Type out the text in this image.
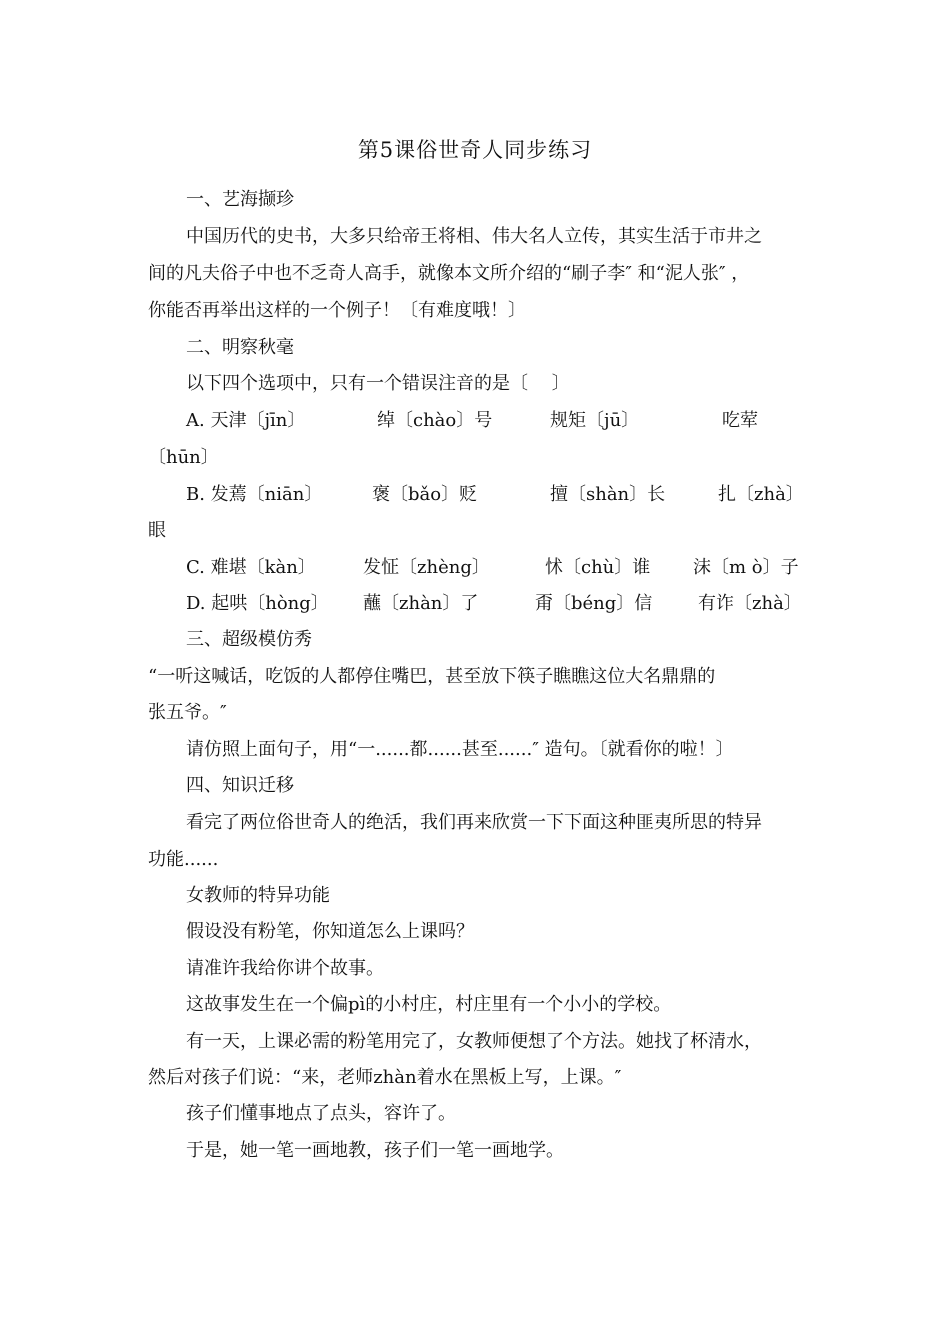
第5课俗世奇人同步练习
一、艺海撷珍
中国历代的史书，大多只给帝王将相、伟大名人立传，其实生活于市井之
间的凡夫俗子中也不乏奇人高手，就像本文所介绍的“刷子李″ 和“泥人张″ ，
你能否再举出这样的一个例子！〔有难度哦！〕
二、明察秋毫
以下四个选项中，只有一个错误注音的是〔　 〕
A. 天津〔jīn〕	绰〔chào〕号	规矩〔jū〕	吃荤
〔hūn〕
B. 发蔫〔niān〕	褒〔bǎo〕贬	擅〔shàn〕长	扎〔zhà〕
眼
C. 难堪〔kàn〕	发怔〔zhèng〕	怵〔chù〕谁 沫〔m ò〕子
D. 起哄〔hòng〕 蘸〔zhàn〕了	甭〔béng〕信	有诈〔zhà〕
三、超级模仿秀
“一听这喊话，吃饭的人都停住嘴巴，甚至放下筷子瞧瞧这位大名鼎鼎的
张五爷。″
请仿照上面句子，用“一......都......甚至......″ 造句。〔就看你的啦！〕
四、知识迁移
看完了两位俗世奇人的绝活，我们再来欣赏一下下面这种匪夷所思的特异
功能......
女教师的特异功能
假设没有粉笔，你知道怎么上课吗？
请准许我给你讲个故事。
这故事发生在一个偏pì的小村庄，村庄里有一个小小的学校。
有一天，上课必需的粉笔用完了，女教师便想了个方法。她找了杯清水，
然后对孩子们说：“来，老师zhàn着水在黑板上写，上课。″
孩子们懂事地点了点头，容许了。
于是，她一笔一画地教，孩子们一笔一画地学。
